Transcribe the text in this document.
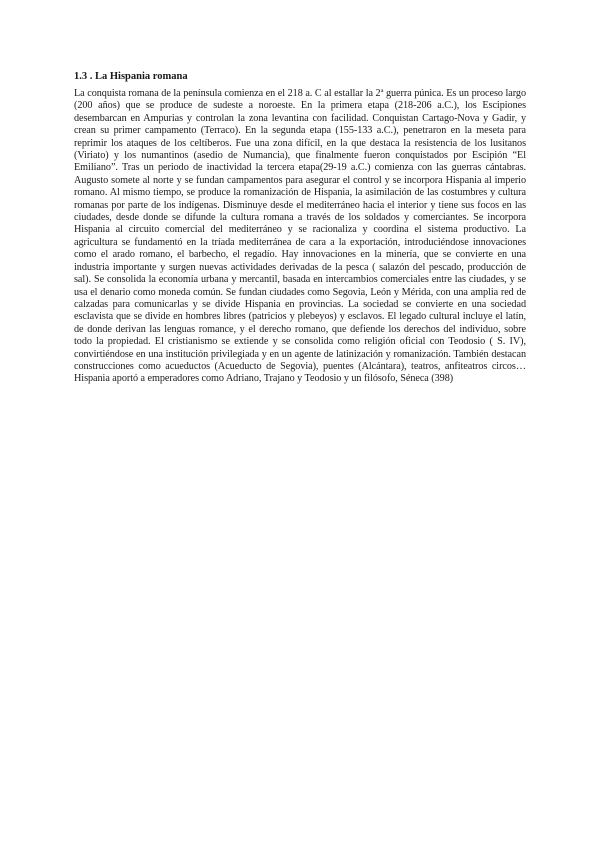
1.3 . La Hispania romana

La conquista romana de la península comienza en el 218 a. C al estallar la 2ª guerra púnica. Es un proceso largo (200 años) que se produce de sudeste a noroeste. En la primera etapa (218-206 a.C.), los Escipiones desembarcan en Ampurias y controlan la zona levantina con facilidad. Conquistan Cartago-Nova y Gadir, y crean su primer campamento (Terraco). En la segunda etapa (155-133 a.C.), penetraron en la meseta para reprimir los ataques de los celtíberos. Fue una zona difícil, en la que destaca la resistencia de los lusitanos (Viriato) y los numantinos (asedio de Numancia), que finalmente fueron conquistados por Escipión “El Emiliano”. Tras un periodo de inactividad la tercera etapa(29-19 a.C.) comienza con las guerras cántabras. Augusto somete al norte y se fundan campamentos para asegurar el control y se incorpora Hispania al imperio romano. Al mismo tiempo, se produce la romanización de Hispania, la asimilación de las costumbres y cultura romanas por parte de los indígenas. Disminuye desde el mediterráneo hacia el interior y tiene sus focos en las ciudades, desde donde se difunde la cultura romana a través de los soldados y comerciantes. Se incorpora Hispania al circuito comercial del mediterráneo y se racionaliza y coordina el sistema productivo. La agricultura se fundamentó en la tríada mediterránea de cara a la exportación, introduciéndose innovaciones como el arado romano, el barbecho, el regadío. Hay innovaciones en la minería, que se convierte en una industria importante y surgen nuevas actividades derivadas de la pesca ( salazón del pescado, producción de sal). Se consolida la economía urbana y mercantil, basada en intercambios comerciales entre las ciudades, y se usa el denario como moneda común. Se fundan ciudades como Segovia, León y Mérida, con una amplia red de calzadas para comunicarlas y se divide Hispania en provincias. La sociedad se convierte en una sociedad esclavista que se divide en hombres libres (patricios y plebeyos) y esclavos. El legado cultural incluye el latín, de donde derivan las lenguas romance, y el derecho romano, que defiende los derechos del individuo, sobre todo la propiedad. El cristianismo se extiende y se consolida como religión oficial con Teodosio ( S. IV), convirtiéndose en una institución privilegiada y en un agente de latinización y romanización. También destacan construcciones como acueductos (Acueducto de Segovia), puentes (Alcántara), teatros, anfiteatros circos… Hispania aportó a emperadores como Adriano, Trajano y Teodosio y un filósofo, Séneca (398)
